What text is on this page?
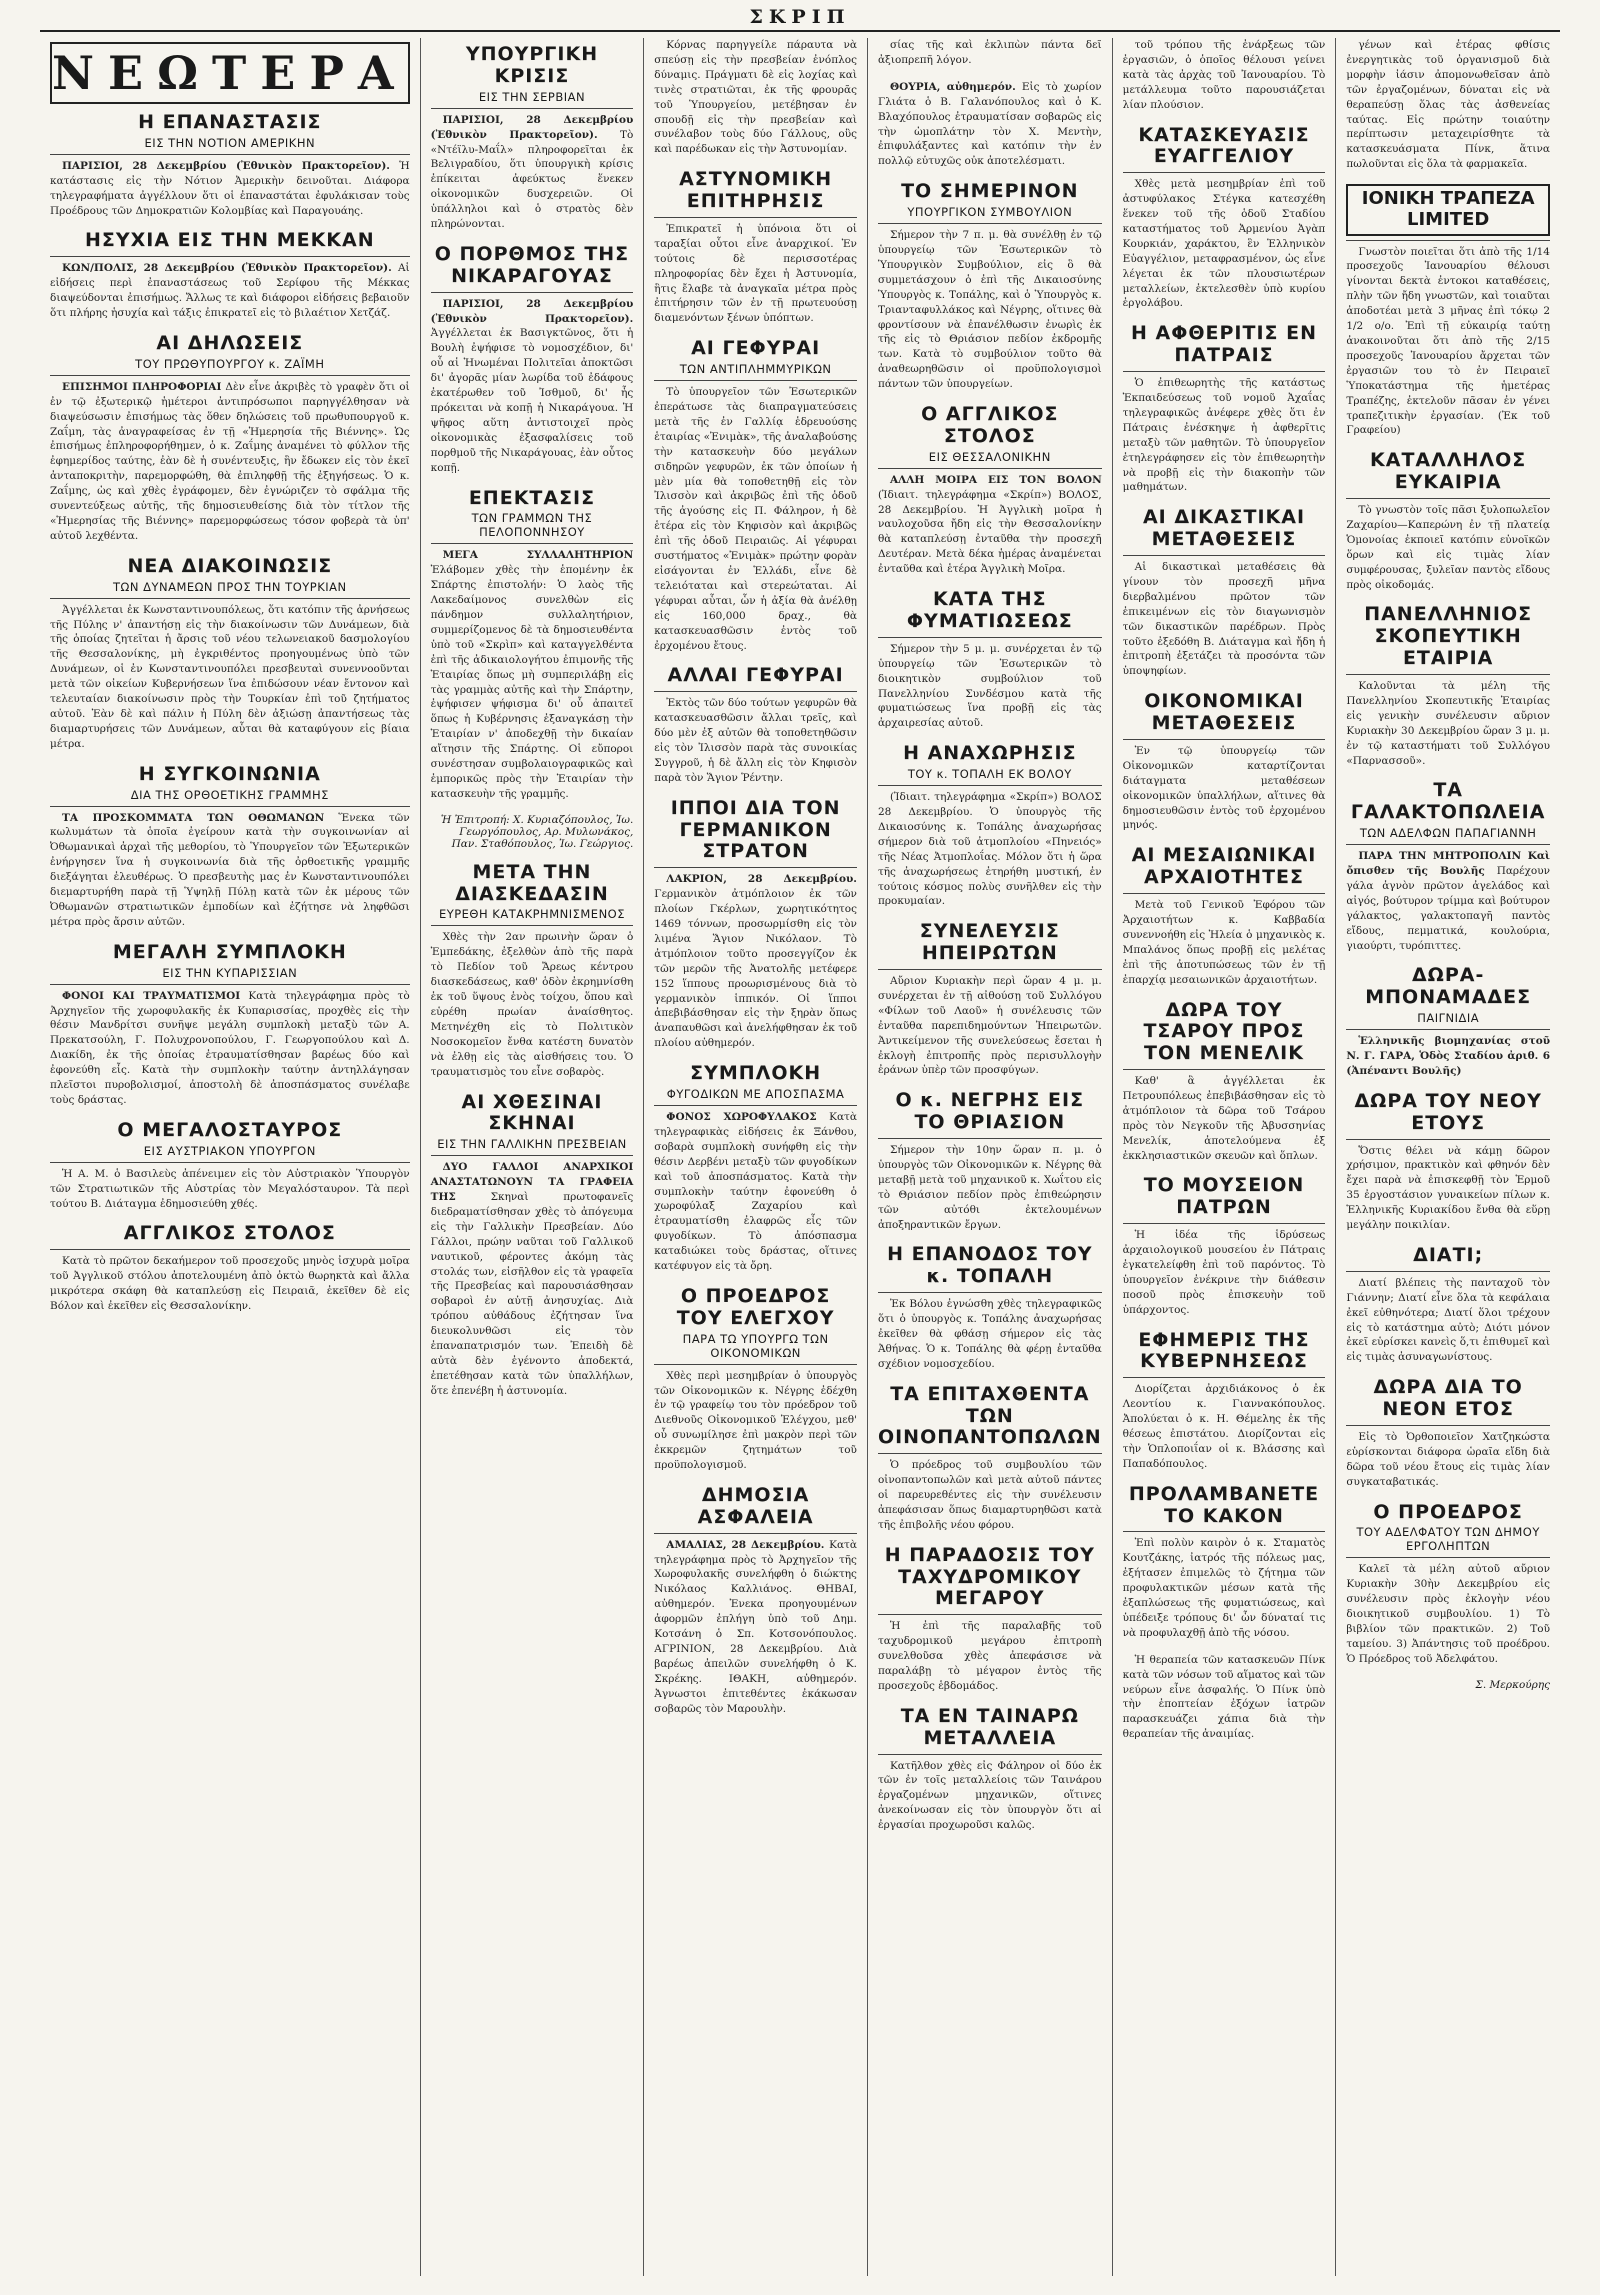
ΣΚΡΙΠ
ΝΕΩΤΕΡΑ
Η ΕΠΑΝΑΣΤΑΣΙΣ
ΕΙΣ ΤΗΝ ΝΟΤΙΟΝ ΑΜΕΡΙΚΗΝ

ΠΑΡΙΣΙΟΙ, 28 Δεκεμβρίου (Ἐθνικὸν Πρακτορεῖον). Ἡ κατάστασις εἰς τὴν Νότιον Ἀμερικὴν δεινοῦται. Διάφορα τηλεγραφήματα ἀγγέλλουν ὅτι οἱ ἐπαναστάται ἐφυλάκισαν τοὺς Προέδρους τῶν Δημοκρατιῶν Κολομβίας καὶ Παραγουάης.

ΗΣΥΧΙΑ ΕΙΣ ΤΗΝ ΜΕΚΚΑΝ

ΚΩΝ/ΠΟΛΙΣ, 28 Δεκεμβρίου (Ἐθνικὸν Πρακτορεῖον). Αἱ εἰδήσεις περὶ ἐπαναστάσεως τοῦ Σερίφου τῆς Μέκκας διαψεύδονται ἐπισήμως. Ἄλλως τε καὶ διάφοροι εἰδήσεις βεβαιοῦν ὅτι πλήρης ἡσυχία καὶ τάξις ἐπικρατεῖ εἰς τὸ βιλαέτιον Χετζάζ.

ΑΙ ΔΗΛΩΣΕΙΣ
ΤΟΥ ΠΡΩΘΥΠΟΥΡΓΟΥ κ. ΖΑΪΜΗ

ΕΠΙΣΗΜΟΙ ΠΛΗΡΟΦΟΡΙΑΙ Δὲν εἶνε ἀκριβὲς τὸ γραφὲν ὅτι οἱ ἐν τῷ ἐξωτερικῷ ἡμέτεροι ἀντιπρόσωποι παρηγγέλθησαν νὰ διαψεύσωσιν ἐπισήμως τὰς ὅθεν δηλώσεις τοῦ πρωθυπουργοῦ κ. Ζαΐμη, τὰς ἀναγραφείσας ἐν τῇ «Ἡμερησία τῆς Βιέννης». Ὡς ἐπισήμως ἐπληροφορήθημεν, ὁ κ. Ζαΐμης ἀναμένει τὸ φύλλον τῆς ἐφημερίδος ταύτης, ἐὰν δὲ ἡ συνέντευξις, ἣν ἔδωκεν εἰς τὸν ἐκεῖ ἀνταποκριτὴν, παρεμορφώθη, θὰ ἐπιληφθῇ τῆς ἐξηγήσεως. Ὁ κ. Ζαΐμης, ὡς καὶ χθὲς ἐγράφομεν, δὲν ἐγνώριζεν τὸ σφάλμα τῆς συνεντεύξεως αὐτῆς, τῆς δημοσιευθείσης διὰ τὸν τίτλον τῆς «Ἡμερησίας τῆς Βιέννης» παρεμορφώσεως τόσον φοβερὰ τὰ ὑπ' αὐτοῦ λεχθέντα.

ΝΕΑ ΔΙΑΚΟΙΝΩΣΙΣ
ΤΩΝ ΔΥΝΑΜΕΩΝ ΠΡΟΣ ΤΗΝ ΤΟΥΡΚΙΑΝ

Ἀγγέλλεται ἐκ Κωνσταντινουπόλεως, ὅτι κατόπιν τῆς ἀρνήσεως τῆς Πύλης ν' ἀπαντήσῃ εἰς τὴν διακοίνωσιν τῶν Δυνάμεων, διὰ τῆς ὁποίας ζητεῖται ἡ ἄρσις τοῦ νέου τελωνειακοῦ δασμολογίου τῆς Θεσσαλονίκης, μὴ ἐγκριθέντος προηγουμένως ὑπὸ τῶν Δυνάμεων, οἱ ἐν Κωνσταντινουπόλει πρεσβευταὶ συνεννοοῦνται μετὰ τῶν οἰκείων Κυβερνήσεων ἵνα ἐπιδώσουν νέαν ἔντονον καὶ τελευταίαν διακοίνωσιν πρὸς τὴν Τουρκίαν ἐπὶ τοῦ ζητήματος αὐτοῦ. Ἐὰν δὲ καὶ πάλιν ἡ Πύλη δὲν ἀξιώσῃ ἀπαντήσεως τὰς διαμαρτυρήσεις τῶν Δυνάμεων, αὗται θὰ καταφύγουν εἰς βίαια μέτρα.

Η ΣΥΓΚΟΙΝΩΝΙΑ
ΔΙΑ ΤΗΣ ΟΡΘΟΕΤΙΚΗΣ ΓΡΑΜΜΗΣ

ΤΑ ΠΡΟΣΚΟΜΜΑΤΑ ΤΩΝ ΟΘΩΜΑΝΩΝ Ἕνεκα τῶν κωλυμάτων τὰ ὁποῖα ἐγείρουν κατὰ τὴν συγκοινωνίαν αἱ Ὀθωμανικαὶ ἀρχαὶ τῆς μεθορίου, τὸ Ὑπουργεῖον τῶν Ἐξωτερικῶν ἐνήργησεν ἵνα ἡ συγκοινωνία διὰ τῆς ὀρθοετικῆς γραμμῆς διεξάγηται ἐλευθέρως. Ὁ πρεσβευτὴς μας ἐν Κωνσταντινουπόλει διεμαρτυρήθη παρὰ τῇ Ὑψηλῇ Πύλῃ κατὰ τῶν ἐκ μέρους τῶν Ὀθωμανῶν στρατιωτικῶν ἐμποδίων καὶ ἐζήτησε νὰ ληφθῶσι μέτρα πρὸς ἄρσιν αὐτῶν.

ΜΕΓΑΛΗ ΣΥΜΠΛΟΚΗ
ΕΙΣ ΤΗΝ ΚΥΠΑΡΙΣΣΙΑΝ

ΦΟΝΟΙ ΚΑΙ ΤΡΑΥΜΑΤΙΣΜΟΙ Κατὰ τηλεγράφημα πρὸς τὸ Ἀρχηγεῖον τῆς χωροφυλακῆς ἐκ Κυπαρισσίας, προχθὲς εἰς τὴν θέσιν Μανδρίτσι συνῆψε μεγάλη συμπλοκὴ μεταξὺ τῶν Α. Πρεκατσούλη, Γ. Πολυχρονοπούλου, Γ. Γεωργοπούλου καὶ Δ. Διακίδη, ἐκ τῆς ὁποίας ἐτραυματίσθησαν βαρέως δύο καὶ ἐφονεύθη εἷς. Κατὰ τὴν συμπλοκὴν ταύτην ἀντηλλάγησαν πλεῖστοι πυροβολισμοί, ἀποστολὴ δὲ ἀποσπάσματος συνέλαβε τοὺς δράστας.

Ο ΜΕΓΑΛΟΣΤΑΥΡΟΣ
ΕΙΣ ΑΥΣΤΡΙΑΚΟΝ ΥΠΟΥΡΓΟΝ

Ἡ Α. Μ. ὁ Βασιλεὺς ἀπένειμεν εἰς τὸν Αὐστριακὸν Ὑπουργὸν τῶν Στρατιωτικῶν τῆς Αὐστρίας τὸν Μεγαλόσταυρον. Τὰ περὶ τούτου Β. Διάταγμα ἐδημοσιεύθη χθές.

ΑΓΓΛΙΚΟΣ ΣΤΟΛΟΣ

Κατὰ τὸ πρῶτον δεκαήμερον τοῦ προσεχοῦς μηνὸς ἰσχυρὰ μοῖρα τοῦ Ἀγγλικοῦ στόλου ἀποτελουμένη ἀπὸ ὀκτὼ θωρηκτὰ καὶ ἄλλα μικρότερα σκάφη θὰ καταπλεύσῃ εἰς Πειραιᾶ, ἐκεῖθεν δὲ εἰς Βόλον καὶ ἐκεῖθεν εἰς Θεσσαλονίκην.

ΥΠΟΥΡΓΙΚΗ ΚΡΙΣΙΣ
ΕΙΣ ΤΗΝ ΣΕΡΒΙΑΝ

ΠΑΡΙΣΙΟΙ, 28 Δεκεμβρίου (Ἐθνικὸν Πρακτορεῖον). Τὸ «Ντέϊλυ-Μαΐλ» πληροφορεῖται ἐκ Βελιγραδίου, ὅτι ὑπουργικὴ κρίσις ἐπίκειται ἀφεύκτως ἕνεκεν οἰκονομικῶν δυσχερειῶν. Οἱ ὑπάλληλοι καὶ ὁ στρατὸς δὲν πληρώνονται.

Ο ΠΟΡΘΜΟΣ ΤΗΣ ΝΙΚΑΡΑΓΟΥΑΣ

ΠΑΡΙΣΙΟΙ, 28 Δεκεμβρίου (Ἐθνικὸν Πρακτορεῖον). Ἀγγέλλεται ἐκ Βασιγκτῶνος, ὅτι ἡ Βουλὴ ἐψήφισε τὸ νομοσχέδιον, δι' οὗ αἱ Ἡνωμέναι Πολιτεῖαι ἀποκτῶσι δι' ἀγορᾶς μίαν λωρίδα τοῦ ἐδάφους ἐκατέρωθεν τοῦ Ἰσθμοῦ, δι' ἧς πρόκειται νὰ κοπῇ ἡ Νικαράγουα. Ἡ ψῆφος αὕτη ἀντιστοιχεῖ πρὸς οἰκονομικὰς ἐξασφαλίσεις τοῦ πορθμοῦ τῆς Νικαράγουας, ἐὰν οὗτος κοπῇ.

ΕΠΕΚΤΑΣΙΣ
ΤΩΝ ΓΡΑΜΜΩΝ ΤΗΣ ΠΕΛΟΠΟΝΝΗΣΟΥ

ΜΕΓΑ ΣΥΛΛΑΛΗΤΗΡΙΟΝ Ἐλάβομεν χθὲς τὴν ἑπομένην ἐκ Σπάρτης ἐπιστολήν: Ὁ λαὸς τῆς Λακεδαίμονος συνελθὼν εἰς πάνδημον συλλαλητήριον, συμμερίζομενος δὲ τὰ δημοσιευθέντα ὑπὸ τοῦ «Σκρὶπ» καὶ καταγγελθέντα ἐπὶ τῆς ἀδικαιολογήτου ἐπιμονῆς τῆς Ἑταιρίας ὅπως μὴ συμπεριλάβῃ εἰς τὰς γραμμὰς αὐτῆς καὶ τὴν Σπάρτην, ἐψήφισεν ψήφισμα δι' οὗ ἀπαιτεῖ ὅπως ἡ Κυβέρνησις ἐξαναγκάσῃ τὴν Ἑταιρίαν ν' ἀποδεχθῇ τὴν δικαίαν αἴτησιν τῆς Σπάρτης. Οἱ εὔποροι συνέστησαν συμβολαιογραφικῶς καὶ ἐμπορικῶς πρὸς τὴν Ἑταιρίαν τὴν κατασκευὴν τῆς γραμμῆς.

Ἡ Ἐπιτροπή: Χ. Κυριαζόπουλος, Ἰω. Γεωργόπουλος, Αρ. Μυλωνάκος, Παν. Σταθόπουλος, Ἰω. Γεώργιος.
ΜΕΤΑ ΤΗΝ ΔΙΑΣΚΕΔΑΣΙΝ
ΕΥΡΕΘΗ ΚΑΤΑΚΡΗΜΝΙΣΜΕΝΟΣ

Χθὲς τὴν 2αν πρωινὴν ὥραν ὁ Ἐμπεδάκης, ἐξελθὼν ἀπὸ τῆς παρὰ τὸ Πεδίον τοῦ Ἄρεως κέντρου διασκεδάσεως, καθ' ὁδὸν ἐκρημνίσθη ἐκ τοῦ ὕψους ἑνὸς τοίχου, ὅπου καὶ εὑρέθη πρωίαν ἀναίσθητος. Μετηνέχθη εἰς τὸ Πολιτικὸν Νοσοκομεῖον ἔνθα κατέστη δυνατὸν νὰ ἐλθῃ εἰς τὰς αἰσθήσεις του. Ὁ τραυματισμὸς του εἶνε σοβαρὸς.

ΑΙ ΧΘΕΣΙΝΑΙ ΣΚΗΝΑΙ
ΕΙΣ ΤΗΝ ΓΑΛΛΙΚΗΝ ΠΡΕΣΒΕΙΑΝ

ΔΥΟ ΓΑΛΛΟΙ ΑΝΑΡΧΙΚΟΙ ΑΝΑΣΤΑΤΩΝΟΥΝ ΤΑ ΓΡΑΦΕΙΑ ΤΗΣ	Σκηναὶ πρωτοφανεῖς διεδραματίσθησαν χθὲς τὸ ἀπόγευμα εἰς τὴν Γαλλικὴν Πρεσβείαν. Δύο Γάλλοι, πρώην ναῦται τοῦ Γαλλικοῦ ναυτικοῦ, φέροντες ἀκόμη τὰς στολάς των, εἰσῆλθον εἰς τὰ γραφεῖα τῆς Πρεσβείας καὶ παρουσιάσθησαν σοβαροὶ ἐν αὐτῇ ἀνησυχίας. Διὰ τρόπου αὐθάδους ἐζήτησαν ἵνα διευκολυνθῶσι εἰς τὸν ἐπαναπατρισμόν των. Ἐπειδὴ δὲ αὐτὰ δὲν ἐγένοντο ἀποδεκτά, ἐπετέθησαν κατὰ τῶν ὑπαλλήλων, ὅτε ἐπενέβη ἡ ἀστυνομία.

Κόρνας παρηγγείλε πάραυτα νὰ σπεύσῃ εἰς τὴν πρεσβείαν ἐνόπλος δύναμις. Πράγματι δὲ εἰς λοχίας καὶ τινὲς στρατιῶται, ἐκ τῆς φρουρᾶς τοῦ Ὑπουργείου, μετέβησαν ἐν σπουδῇ εἰς τὴν πρεσβείαν καὶ συνέλαβον τοὺς δύο Γάλλους, οὓς καὶ παρέδωκαν εἰς τὴν Ἀστυνομίαν.

ΑΣΤΥΝΟΜΙΚΗ ΕΠΙΤΗΡΗΣΙΣ

Ἐπικρατεῖ ἡ ὑπόνοια ὅτι οἱ ταραξίαι οὗτοι εἶνε ἀναρχικοί. Ἐν τούτοις δὲ περισσοτέρας πληροφορίας δὲν ἔχει ἡ Ἀστυνομία, ἣτις ἔλαβε τὰ ἀναγκαῖα μέτρα πρὸς ἐπιτήρησιν τῶν ἐν τῇ πρωτευούσῃ διαμενόντων ξένων ὑπόπτων.

ΑΙ ΓΕΦΥΡΑΙ
ΤΩΝ ΑΝΤΙΠΛΗΜΜΥΡΙΚΩΝ

Τὸ ὑπουργεῖον τῶν Ἐσωτερικῶν ἐπεράτωσε τὰς διαπραγματεύσεις μετὰ τῆς ἐν Γαλλίᾳ ἑδρευούσης ἑταιρίας «Ἐνιμὰκ», τῆς ἀναλαβούσης τὴν κατασκευὴν δύο μεγάλων σιδηρῶν γεφυρῶν, ἐκ τῶν ὁποίων ἡ μὲν μία θὰ τοποθετηθῇ εἰς τὸν Ἰλισσὸν καὶ ἀκριβῶς ἐπὶ τῆς ὁδοῦ τῆς ἀγούσης εἰς Π. Φάληρον, ἡ δὲ ἑτέρα εἰς τὸν Κηφισὸν καὶ ἀκριβῶς ἐπὶ τῆς ὁδοῦ Πειραιῶς. Αἱ γέφυραι συστήματος «Ἐνιμὰκ» πρώτην φορὰν εἰσάγονται ἐν Ἑλλάδι, εἶνε δὲ τελειόταται καὶ στερεώταται. Αἱ γέφυραι αὗται, ὧν ἡ ἀξία θὰ ἀνέλθῃ εἰς 160,000 δραχ., θὰ κατασκευασθῶσιν ἐντὸς τοῦ ἐρχομένου ἔτους.

ΑΛΛΑΙ ΓΕΦΥΡΑΙ

Ἐκτὸς τῶν δύο τούτων γεφυρῶν θὰ κατασκευασθῶσιν ἄλλαι τρεῖς, καὶ δύο μὲν ἐξ αὐτῶν θὰ τοποθετηθῶσιν εἰς τὸν Ἰλισσὸν παρὰ τὰς συνοικίας Συγγροῦ, ἡ δὲ ἄλλη εἰς τὸν Κηφισὸν παρὰ τὸν Ἅγιον Ῥέντην.

ΙΠΠΟΙ ΔΙΑ ΤΟΝ ΓΕΡΜΑΝΙΚΟΝ ΣΤΡΑΤΟΝ

ΛΑΚΡΙΟΝ, 28 Δεκεμβρίου. Γερμανικὸν ἀτμόπλοιον ἐκ τῶν πλοίων Γκέρλων, χωρητικότητος 1469 τόννων, προσωρμίσθη εἰς τὸν λιμένα Ἅγιον Νικόλαον. Τὸ ἀτμόπλοιον τοῦτο προσεγγίζον ἐκ τῶν μερῶν τῆς Ἀνατολῆς μετέφερε 152 ἵππους προωρισμένους διὰ τὸ γερμανικὸν ἱππικόν. Οἱ ἵπποι ἀπεβιβάσθησαν εἰς τὴν ξηρὰν ὅπως ἀναπαυθῶσι καὶ ἀνελήφθησαν ἐκ τοῦ πλοίου αὐθημερόν.

ΣΥΜΠΛΟΚΗ
ΦΥΓΟΔΙΚΩΝ ΜΕ ΑΠΟΣΠΑΣΜΑ

ΦΟΝΟΣ ΧΩΡΟΦΥΛΑΚΟΣ Κατὰ τηλεγραφικὰς εἰδήσεις ἐκ Ξάνθου, σοβαρὰ συμπλοκὴ συνήφθη εἰς τὴν θέσιν Δερβένι μεταξὺ τῶν φυγοδίκων καὶ τοῦ ἀποσπάσματος. Κατὰ τὴν συμπλοκὴν ταύτην ἐφονεύθη ὁ χωροφύλαξ Ζαχαρίου καὶ ἐτραυματίσθη ἐλαφρῶς εἷς τῶν φυγοδίκων. Τὸ ἀπόσπασμα καταδιώκει τοὺς δράστας, οἵτινες κατέφυγον εἰς τὰ ὄρη.

Ο ΠΡΟΕΔΡΟΣ ΤΟΥ ΕΛΕΓΧΟΥ
ΠΑΡΑ ΤΩ ΥΠΟΥΡΓΩ ΤΩΝ ΟΙΚΟΝΟΜΙΚΩΝ

Χθὲς περὶ μεσημβρίαν ὁ ὑπουργὸς τῶν Οἰκονομικῶν κ. Νέγρης ἐδέχθη ἐν τῷ γραφείῳ του τὸν πρόεδρον τοῦ Διεθνοῦς Οἰκονομικοῦ Ἐλέγχου, μεθ' οὗ συνωμίλησε ἐπὶ μακρὸν περὶ τῶν ἐκκρεμῶν ζητημάτων τοῦ προϋπολογισμοῦ.

ΔΗΜΟΣΙΑ ΑΣΦΑΛΕΙΑ

ΑΜΑΛΙΑΣ, 28 Δεκεμβρίου. Κατὰ τηλεγράφημα πρὸς τὸ Ἀρχηγεῖον τῆς Χωροφυλακῆς συνελήφθη ὁ διώκτης Νικόλαος Καλλιάνος. ΘΗΒΑΙ, αὐθημερόν. Ἐνεκα προηγουμένων ἀφορμῶν ἐπλήγη ὑπὸ τοῦ Δημ. Κοτσάνη ὁ Σπ. Κοτσονόπουλος. ΑΓΡΙΝΙΟΝ, 28 Δεκεμβρίου. Διὰ βαρέως ἀπειλῶν συνελήφθη ὁ Κ. Σκρέκης. ΙΘΑΚΗ, αὐθημερόν. Ἀγνωστοι ἐπιτεθέντες ἐκάκωσαν σοβαρῶς τὸν Μαρουλὴν.

σίας τῆς καὶ ἐκλιπὼν πάντα δεῖ ἀξιοπρεπῆ λόγον.

ΘΟΥΡΙΑ, αὐθημερόν. Εἰς τὸ χωρίον Γλιάτα ὁ Β. Γαλανόπουλος καὶ ὁ Κ. Βλαχόπουλος ἐτραυματίσαν σοβαρῶς εἰς τὴν ὠμοπλάτην τὸν Χ. Μεντὴν, ἐπιφυλάξαντες καὶ κατόπιν τὴν ἐν πολλῷ εὐτυχῶς οὐκ ἀποτελέσματι.

ΤΟ ΣΗΜΕΡΙΝΟΝ
ΥΠΟΥΡΓΙΚΟΝ ΣΥΜΒΟΥΛΙΟΝ

Σήμερον τὴν 7 π. μ. θὰ συνέλθῃ ἐν τῷ ὑπουργείῳ τῶν Ἐσωτερικῶν τὸ Ὑπουργικὸν Συμβούλιον, εἰς ὃ θὰ συμμετάσχουν ὁ ἐπὶ τῆς Δικαιοσύνης Ὑπουργὸς κ. Τοπάλης, καὶ ὁ Ὑπουργὸς κ. Τριανταφυλλάκος καὶ Νέγρης, οἵτινες θὰ φροντίσουν νὰ ἐπανέλθωσιν ἐνωρὶς ἐκ τῆς εἰς τὸ Θριάσιον πεδίον ἐκδρομῆς των. Κατὰ τὸ συμβούλιον τοῦτο θὰ ἀναθεωρηθῶσιν οἱ προϋπολογισμοὶ πάντων τῶν ὑπουργείων.

Ο ΑΓΓΛΙΚΟΣ ΣΤΟΛΟΣ
ΕΙΣ ΘΕΣΣΑΛΟΝΙΚΗΝ

ΑΛΛΗ ΜΟΙΡΑ ΕΙΣ ΤΟΝ ΒΟΛΟΝ (Ἰδιαιτ. τηλεγράφημα «Σκρίπ») ΒΟΛΟΣ, 28 Δεκεμβρίου. Ἡ Ἀγγλικὴ μοῖρα ἡ ναυλοχοῦσα ἤδη εἰς τὴν Θεσσαλονίκην θὰ καταπλεύσῃ ἐνταῦθα τὴν προσεχῆ Δευτέραν. Μετὰ δέκα ἡμέρας ἀναμένεται ἐνταῦθα καὶ ἑτέρα Ἀγγλικὴ Μοῖρα.

ΚΑΤΑ ΤΗΣ ΦΥΜΑΤΙΩΣΕΩΣ

Σήμερον τὴν 5 μ. μ. συνέρχεται ἐν τῷ ὑπουργείῳ τῶν Ἐσωτερικῶν τὸ διοικητικὸν συμβούλιον τοῦ Πανελληνίου Συνδέσμου κατὰ τῆς φυματιώσεως ἵνα προβῇ εἰς τὰς ἀρχαιρεσίας αὐτοῦ.

Η ΑΝΑΧΩΡΗΣΙΣ
ΤΟΥ κ. ΤΟΠΑΛΗ ΕΚ ΒΟΛΟΥ

(Ἰδιαιτ. τηλεγράφημα «Σκρίπ») ΒΟΛΟΣ 28 Δεκεμβρίου. Ὁ ὑπουργὸς τῆς Δικαιοσύνης κ. Τοπάλης ἀναχωρήσας σήμερον διὰ τοῦ ἀτμοπλοίου «Πηνειός» τῆς Νέας Ἀτμοπλοΐας. Μόλον ὅτι ἡ ὥρα τῆς ἀναχωρήσεως ἐτηρήθη μυστική, ἐν τούτοις κόσμος πολὺς συνῆλθεν εἰς τὴν προκυμαίαν.

ΣΥΝΕΛΕΥΣΙΣ ΗΠΕΙΡΩΤΩΝ

Αὔριον Κυριακὴν περὶ ὥραν 4 μ. μ. συνέρχεται ἐν τῇ αἰθούσῃ τοῦ Συλλόγου «Φίλων τοῦ Λαοῦ» ἡ συνέλευσις τῶν ἐνταῦθα παρεπιδημούντων Ἠπειρωτῶν. Ἀντικείμενον τῆς συνελεύσεως ἔσεται ἡ ἐκλογὴ ἐπιτροπῆς πρὸς περισυλλογὴν ἐράνων ὑπὲρ τῶν προσφύγων.

Ο κ. ΝΕΓΡΗΣ ΕΙΣ ΤΟ ΘΡΙΑΣΙΟΝ

Σήμερον τὴν 10ην ὥραν π. μ. ὁ ὑπουργὸς τῶν Οἰκονομικῶν κ. Νέγρης θὰ μεταβῇ μετὰ τοῦ μηχανικοῦ κ. Χωΐτου εἰς τὸ Θριάσιον πεδίον πρὸς ἐπιθεώρησιν τῶν αὐτόθι ἐκτελουμένων ἀποξηραντικῶν ἔργων.

Η ΕΠΑΝΟΔΟΣ ΤΟΥ κ. ΤΟΠΑΛΗ

Ἐκ Βόλου ἐγνώσθη χθὲς τηλεγραφικῶς ὅτι ὁ ὑπουργὸς κ. Τοπάλης ἀναχωρήσας ἐκεῖθεν θὰ φθάσῃ σήμερον εἰς τὰς Ἀθήνας. Ὁ κ. Τοπάλης θὰ φέρῃ ἐνταῦθα σχέδιον νομοσχεδίου.

ΤΑ ΕΠΙΤΑΧΘΕΝΤΑ ΤΩΝ ΟΙΝΟΠΑΝΤΟΠΩΛΩΝ

Ὁ πρόεδρος τοῦ συμβουλίου τῶν οἰνοπαντοπωλῶν καὶ μετὰ αὐτοῦ πάντες οἱ παρευρεθέντες εἰς τὴν συνέλευσιν ἀπεφάσισαν ὅπως διαμαρτυρηθῶσι κατὰ τῆς ἐπιβολῆς νέου φόρου.

Η ΠΑΡΑΔΟΣΙΣ ΤΟΥ ΤΑΧΥΔΡΟΜΙΚΟΥ ΜΕΓΑΡΟΥ

Ἡ ἐπὶ τῆς παραλαβῆς τοῦ ταχυδρομικοῦ μεγάρου ἐπιτροπὴ συνελθοῦσα χθὲς ἀπεφάσισε νὰ παραλάβῃ τὸ μέγαρον ἐντὸς τῆς προσεχοῦς ἑβδομάδος.

ΤΑ ΕΝ ΤΑΙΝΑΡΩ ΜΕΤΑΛΛΕΙΑ

Κατῆλθον χθὲς εἰς Φάληρον οἱ δύο ἐκ τῶν ἐν τοῖς μεταλλείοις τῶν Ταινάρου ἐργαζομένων μηχανικῶν, οἵτινες ἀνεκοίνωσαν εἰς τὸν ὑπουργὸν ὅτι αἱ ἐργασίαι προχωροῦσι καλῶς.

τοῦ τρόπου τῆς ἐνάρξεως τῶν ἐργασιῶν, ὁ ὁποῖος θέλουσι γείνει κατὰ τὰς ἀρχὰς τοῦ Ἰανουαρίου. Τὸ μετάλλευμα τοῦτο παρουσιάζεται λίαν πλούσιον.

ΚΑΤΑΣΚΕΥΑΣΙΣ ΕΥΑΓΓΕΛΙΟΥ

Χθὲς μετὰ μεσημβρίαν ἐπὶ τοῦ ἀστυφύλακος Στέγκα κατεσχέθη ἕνεκεν τοῦ τῆς ὁδοῦ Σταδίου καταστήματος τοῦ Ἀρμενίου Ἀγὰπ Κουρκιάν, χαράκτου, ἓν Ἑλληνικὸν Εὐαγγέλιον, μεταφρασμένον, ὡς εἶνε λέγεται ἐκ τῶν πλουσιωτέρων μεταλλείων, ἐκτελεσθὲν ὑπὸ κυρίου ἐργολάβου.

Η ΑΦΘΕΡΙΤΙΣ ΕΝ ΠΑΤΡΑΙΣ

Ὁ ἐπιθεωρητὴς τῆς κατάστως Ἐκπαιδεύσεως τοῦ νομοῦ Ἀχαΐας τηλεγραφικῶς ἀνέφερε χθὲς ὅτι ἐν Πάτραις ἐνέσκηψε ἡ ἀφθερῖτις μεταξὺ τῶν μαθητῶν. Τὸ ὑπουργεῖον ἐτηλεγράφησεν εἰς τὸν ἐπιθεωρητὴν νὰ προβῇ εἰς τὴν διακοπὴν τῶν μαθημάτων.

ΑΙ ΔΙΚΑΣΤΙΚΑΙ ΜΕΤΑΘΕΣΕΙΣ

Αἱ δικαστικαὶ μεταθέσεις θὰ γίνουν τὸν προσεχῆ μῆνα διερβαλμένου πρῶτον τῶν ἐπικειμένων εἰς τὸν διαγωνισμὸν τῶν δικαστικῶν παρέδρων. Πρὸς τοῦτο ἐξεδόθη Β. Διάταγμα καὶ ἤδη ἡ ἐπιτροπὴ ἐξετάζει τὰ προσόντα τῶν ὑποψηφίων.

ΟΙΚΟΝΟΜΙΚΑΙ ΜΕΤΑΘΕΣΕΙΣ

Ἐν τῷ ὑπουργείῳ τῶν Οἰκονομικῶν καταρτίζονται διάταγματα μεταθέσεων οἰκονομικῶν ὑπαλλήλων, αἵτινες θὰ δημοσιευθῶσιν ἐντὸς τοῦ ἐρχομένου μηνός.

ΑΙ ΜΕΣΑΙΩΝΙΚΑΙ ΑΡΧΑΙΟΤΗΤΕΣ

Μετὰ τοῦ Γενικοῦ Ἐφόρου τῶν Ἀρχαιοτήτων κ. Καββαδία συνεννοήθη εἰς Ἠλεία ὁ μηχανικὸς κ. Μπαλάνος ὅπως προβῇ εἰς μελέτας ἐπὶ τῆς ἀποτυπώσεως τῶν ἐν τῇ ἐπαρχίᾳ μεσαιωνικῶν ἀρχαιοτήτων.

ΔΩΡΑ ΤΟΥ ΤΣΑΡΟΥ ΠΡΟΣ ΤΟΝ ΜΕΝΕΛΙΚ

Καθ' ἃ ἀγγέλλεται ἐκ Πετρουπόλεως ἐπεβιβάσθησαν εἰς τὸ ἀτμόπλοιον τὰ δῶρα τοῦ Τσάρου πρὸς τὸν Νεγκοῦν τῆς Ἀβυσσηνίας Μενελίκ, ἀποτελούμενα ἐξ ἐκκλησιαστικῶν σκευῶν καὶ ὅπλων.

ΤΟ ΜΟΥΣΕΙΟΝ ΠΑΤΡΩΝ

Ἡ ἰδέα τῆς ἱδρύσεως ἀρχαιολογικοῦ μουσείου ἐν Πάτραις ἐγκατελείφθη ἐπὶ τοῦ παρόντος. Τὸ ὑπουργεῖον ἐνέκρινε τὴν διάθεσιν ποσοῦ πρὸς ἐπισκευὴν τοῦ ὑπάρχοντος.

ΕΦΗΜΕΡΙΣ ΤΗΣ ΚΥΒΕΡΝΗΣΕΩΣ

Διορίζεται ἀρχιδιάκονος ὁ ἐκ Λεοντίου κ. Γιαννακόπουλος. Ἀπολύεται ὁ κ. Η. Θέμελης ἐκ τῆς θέσεως ἐπιστάτου. Διορίζονται εἰς τὴν Ὁπλοποιΐαν οἱ κ. Βλάσσης καὶ Παπαδόπουλος.

ΠΡΟΛΑΜΒΑΝΕΤΕ ΤΟ ΚΑΚΟΝ

Ἐπὶ πολὺν καιρὸν ὁ κ. Σταματὸς Κουτζάκης, ἰατρός τῆς πόλεως μας, ἐξήτασεν ἐπιμελῶς τὸ ζήτημα τῶν προφυλακτικῶν μέσων κατὰ τῆς ἐξαπλώσεως τῆς φυματιώσεως, καὶ ὑπέδειξε τρόπους δι' ὧν δύναταί τις νὰ προφυλαχθῇ ἀπὸ τῆς νόσου.

Ἡ θεραπεία τῶν κατασκευῶν Πίνκ κατὰ τῶν νόσων τοῦ αἵματος καὶ τῶν νεύρων εἶνε ἀσφαλής. Ὁ Πίνκ ὑπὸ τὴν ἐποπτείαν ἐξόχων ἰατρῶν παρασκευάζει χάπια διὰ τὴν θεραπείαν τῆς ἀναιμίας.

γένων καὶ ἑτέρας φθίσις ἐνεργητικὰς τοῦ ὀργανισμοῦ διὰ μορφὴν ἰάσιν ἀπομονωθεῖσαν ἀπὸ τῶν ἐργαζομένων, δύναται εἰς νὰ θεραπεύσῃ ὅλας τὰς ἀσθενείας ταύτας. Εἰς πρώτην τοιαύτην περίπτωσιν μεταχειρίσθητε τὰ κατασκευάσματα Πίνκ, ἅτινα πωλοῦνται εἰς ὅλα τὰ φαρμακεῖα.

ΙΟΝΙΚΗ ΤΡΑΠΕΖΑ LIMITED

Γνωστὸν ποιεῖται ὅτι ἀπὸ τῆς 1/14 προσεχοῦς Ἰανουαρίου θέλουσι γίνονται δεκτὰ ἐντοκοι καταθέσεις, πλὴν τῶν ἤδη γνωστῶν, καὶ τοιαῦται ἀποδοτέαι μετὰ 3 μῆνας ἐπὶ τόκῳ 2 1/2 ο/ο. Ἐπὶ τῇ εὐκαιρίᾳ ταύτῃ ἀνακοινοῦται ὅτι ἀπὸ τῆς 2/15 προσεχοῦς Ἰανουαρίου ἄρχεται τῶν ἐργασιῶν του τὸ ἐν Πειραιεῖ Ὑποκατάστημα τῆς ἡμετέρας Τραπέζης, ἐκτελοῦν πᾶσαν ἐν γένει τραπεζιτικὴν ἐργασίαν. (Ἐκ τοῦ Γραφείου)

ΚΑΤΑΛΛΗΛΟΣ ΕΥΚΑΙΡΙΑ

Τὸ γνωστὸν τοῖς πᾶσι ξυλοπωλεῖον Ζαχαρίου—Καπερώνη ἐν τῇ πλατείᾳ Ὁμονοίας ἐκποιεῖ κατόπιν εὐνοϊκῶν ὅρων καὶ εἰς τιμὰς λίαν συμφέρουσας, ξυλεῖαν παντὸς εἴδους πρὸς οἰκοδομάς.

ΠΑΝΕΛΛΗΝΙΟΣ ΣΚΟΠΕΥΤΙΚΗ ΕΤΑΙΡΙΑ

Καλοῦνται τὰ μέλη τῆς Πανελληνίου Σκοπευτικῆς Ἑταιρίας εἰς γενικὴν συνέλευσιν αὔριον Κυριακὴν 30 Δεκεμβρίου ὥραν 3 μ. μ. ἐν τῷ καταστήματι τοῦ Συλλόγου «Παρνασσοῦ».

ΤΑ ΓΑΛΑΚΤΟΠΩΛΕΙΑ
ΤΩΝ ΑΔΕΛΦΩΝ ΠΑΠΑΓΙΑΝΝΗ

ΠΑΡΑ ΤΗΝ ΜΗΤΡΟΠΟΛΙΝ Καὶ ὄπισθεν τῆς Βουλῆς Παρέχουν γάλα ἁγνὸν πρῶτον ἀγελάδος καὶ αἰγός, βούτυρον τρίμμα καὶ βούτυρον γάλακτος, γαλακτοπαγῆ παντὸς εἴδους, πεμματικά, κουλούρια, γιαούρτι, τυρόπιττες.

ΔΩΡΑ-ΜΠΟΝΑΜΑΔΕΣ
ΠΑΙΓΝΙΔΙΑ

Ἑλληνικῆς βιομηχανίας στοῦ Ν. Γ. ΓΑΡΑ, Ὁδὸς Σταδίου ἀριθ. 6 (Ἀπέναντι Βουλῆς)

ΔΩΡΑ ΤΟΥ ΝΕΟΥ ΕΤΟΥΣ

Ὅστις θέλει νὰ κάμῃ δῶρον χρήσιμον, πρακτικὸν καὶ φθηνόν δὲν ἔχει παρὰ νὰ ἐπισκεφθῇ τὸν Ἑρμοῦ 35 ἐργοστάσιον γυναικείων πίλων κ. Ἑλληνικῆς Κυριακίδου ἔνθα θὰ εὕρῃ μεγάλην ποικιλίαν.

ΔΙΑΤΙ;

Διατί βλέπεις τὴς πανταχοῦ τὸν Γιάννην; Διατί εἶνε ὅλα τὰ κεφάλαια ἐκεῖ εὐθηνότερα; Διατί ὅλοι τρέχουν εἰς τὸ κατάστημα αὐτὸ; Διότι μόνον ἐκεῖ εὑρίσκει κανεὶς ὅ,τι ἐπιθυμεῖ καὶ εἰς τιμὰς ἀσυναγωνίστους.

ΔΩΡΑ ΔΙΑ ΤΟ ΝΕΟΝ ΕΤΟΣ

Εἰς τὸ Ὀρθοποιεῖον Χατζηκώστα εὑρίσκονται διάφορα ὡραῖα εἴδη διὰ δῶρα τοῦ νέου ἔτους εἰς τιμὰς λίαν συγκαταβατικάς.

Ο ΠΡΟΕΔΡΟΣ
ΤΟΥ ΑΔΕΛΦΑΤΟΥ ΤΩΝ ΔΗΜΟΥ ΕΡΓΟΛΗΠΤΩΝ

Καλεῖ τὰ μέλη αὐτοῦ αὔριον Κυριακὴν 30ὴν Δεκεμβρίου εἰς συνέλευσιν πρὸς ἐκλογὴν νέου διοικητικοῦ συμβουλίου. 1) Τὸ βιβλίον τῶν πρακτικῶν. 2) Τοῦ ταμείου. 3) Ἀπάντησις τοῦ προέδρου. Ὁ Πρόεδρος τοῦ Ἀδελφάτου.

Σ. Μερκούρης
